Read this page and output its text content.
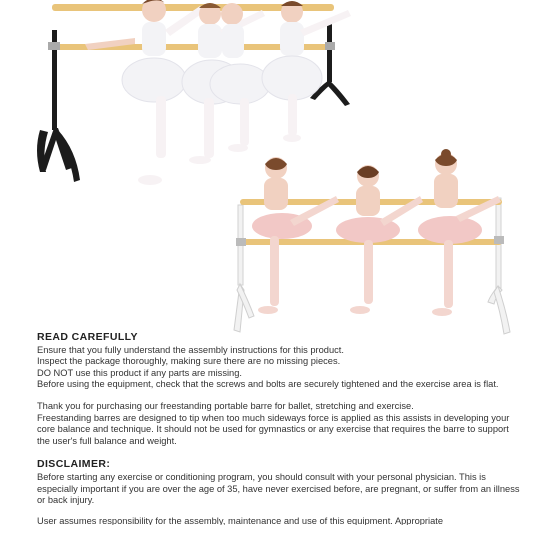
READ CAREFULLY

Ensure that you fully understand the assembly instructions for this product.

Inspect the package thoroughly, making sure there are no missing pieces.

DO NOT use this product if any parts are missing.

Before using the equipment, check that the screws and bolts are securely tightened and the exercise area is flat.

Thank you for purchasing our freestanding portable barre for ballet, stretching and exercise.

Freestanding barres are designed to tip when too much sideways force is applied as this assists in developing your core balance and technique. It should not be used for gymnastics or any exercise that requires the barre to support the user's full balance and weight.

DISCLAIMER:

Before starting any exercise or conditioning program, you should consult with your personal physician. This is especially important if you are over the age of 35, have never exercised before, are pregnant, or suffer from an illness or back injury.

User assumes responsibility for the assembly, maintenance and use of this equipment. Appropriate
